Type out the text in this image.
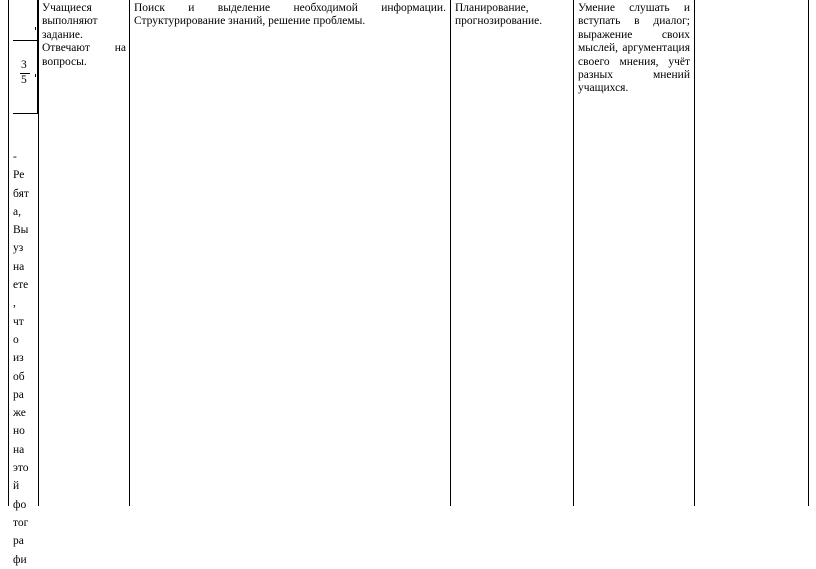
3
5
-
Ре
бят
а,
Вы
уз
на
ете
,
чт
о
из
об
ра
же
но
на
это
й
фо
тог
ра
фи
Учащиеся
выполняют
задание.
Отвечают на
вопросы.
Поиск и выделение необходимой информации.
Структурирование знаний, решение проблемы.
Планирование,
прогнозирование.
Умение слушать и вступать в диалог; выражение своих мыслей, аргументация своего мнения, учёт разных мнений учащихся.
